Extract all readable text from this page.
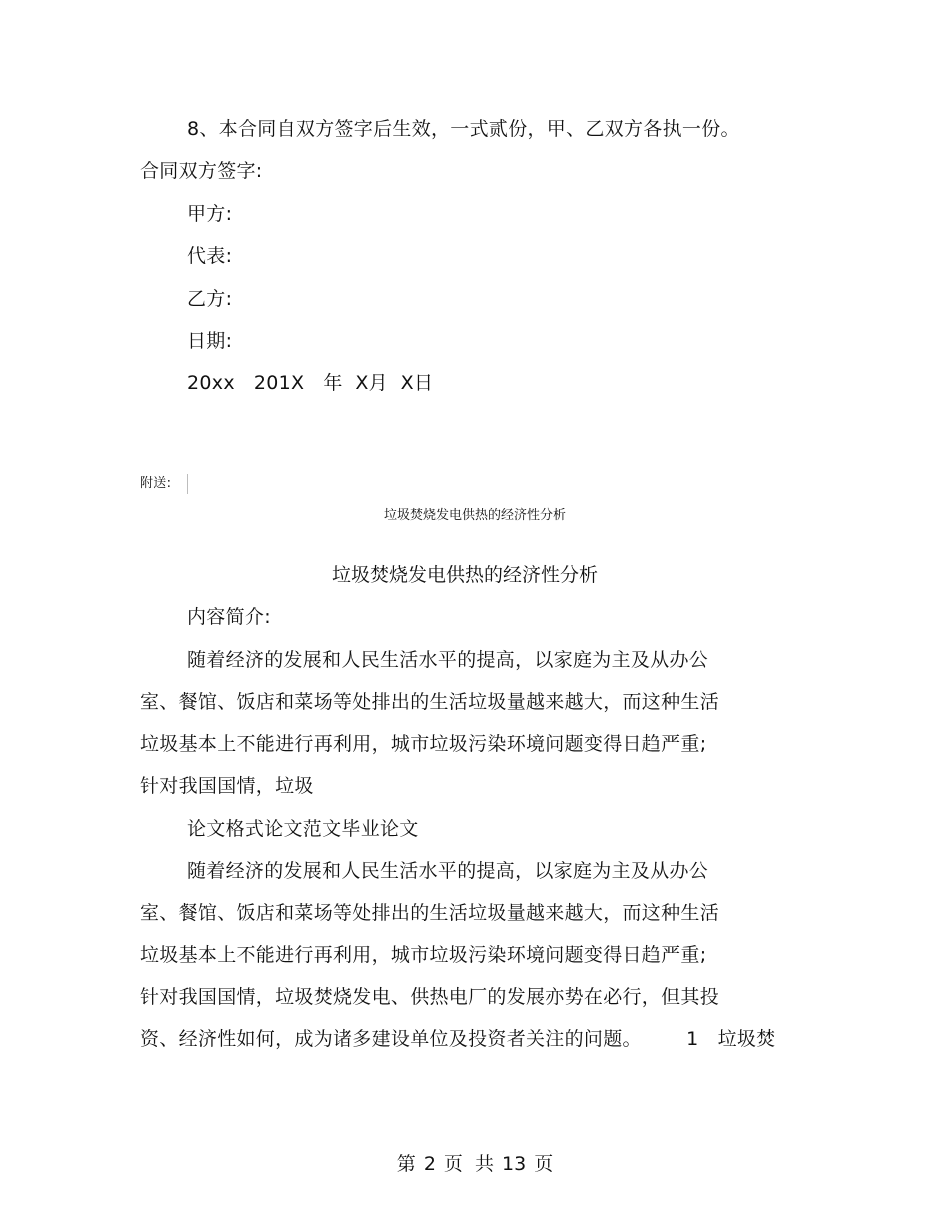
8、本合同自双方签字后生效，一式贰份，甲、乙双方各执一份。
合同双方签字:
甲方:
代表:
乙方:
日期:
20xx   201X   年  X月  X日
附送:
垃圾焚烧发电供热的经济性分析
垃圾焚烧发电供热的经济性分析
内容简介:
随着经济的发展和人民生活水平的提高，以家庭为主及从办公
室、餐馆、饭店和菜场等处排出的生活垃圾量越来越大，而这种生活
垃圾基本上不能进行再利用，城市垃圾污染环境问题变得日趋严重;
针对我国国情，垃圾
论文格式论文范文毕业论文
随着经济的发展和人民生活水平的提高，以家庭为主及从办公
室、餐馆、饭店和菜场等处排出的生活垃圾量越来越大，而这种生活
垃圾基本上不能进行再利用，城市垃圾污染环境问题变得日趋严重;
针对我国国情，垃圾焚烧发电、供热电厂的发展亦势在必行，但其投
资、经济性如何，成为诸多建设单位及投资者关注的问题。       1   垃圾焚
第 2 页  共 13 页
